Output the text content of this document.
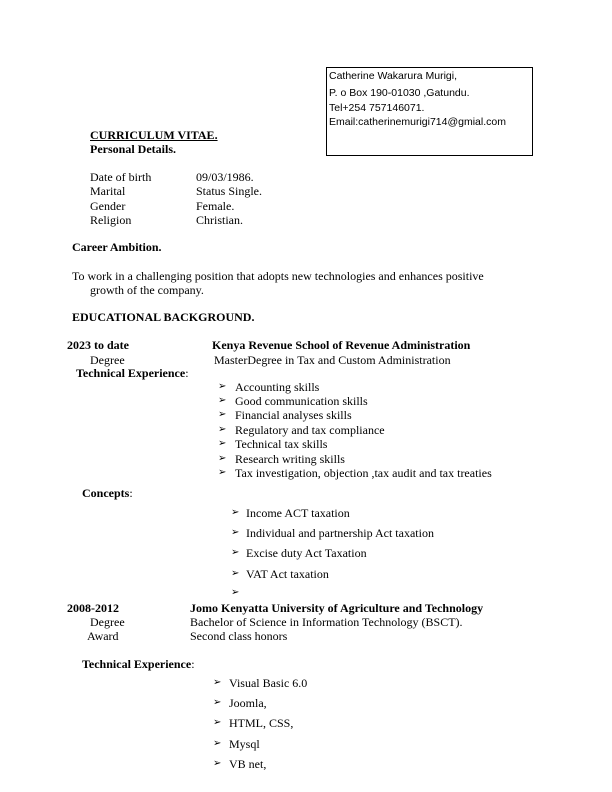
Catherine Wakarura Murigi,
P. o Box 190-01030 ,Gatundu.
Tel+254 757146071.
Email:catherinemurigi714@gmial.com
CURRICULUM VITAE.
Personal Details.
Date of birth	09/03/1986.
Marital	Status Single.
Gender	Female.
Religion	Christian.
Career Ambition.
To work in a challenging position that adopts new technologies and enhances positive
growth of the company.
EDUCATIONAL BACKGROUND.
2023 to date	Kenya Revenue School of Revenue Administration
Degree	MasterDegree in Tax and Custom Administration
Technical Experience:
➢ Accounting skills
➢ Good communication skills
➢ Financial analyses skills
➢ Regulatory and tax compliance
➢ Technical tax skills
➢ Research writing skills
➢ Tax investigation, objection ,tax audit and tax treaties
Concepts:
➢ Income ACT taxation
➢ Individual and partnership Act taxation
➢ Excise duty Act Taxation
➢ VAT Act taxation
➢
2008-2012	Jomo Kenyatta University of Agriculture and Technology
Degree	Bachelor of Science in Information Technology (BSCT).
Award	Second class honors
Technical Experience:
➢ Visual Basic 6.0
➢ Joomla,
➢ HTML, CSS,
➢ Mysql
➢ VB net,
